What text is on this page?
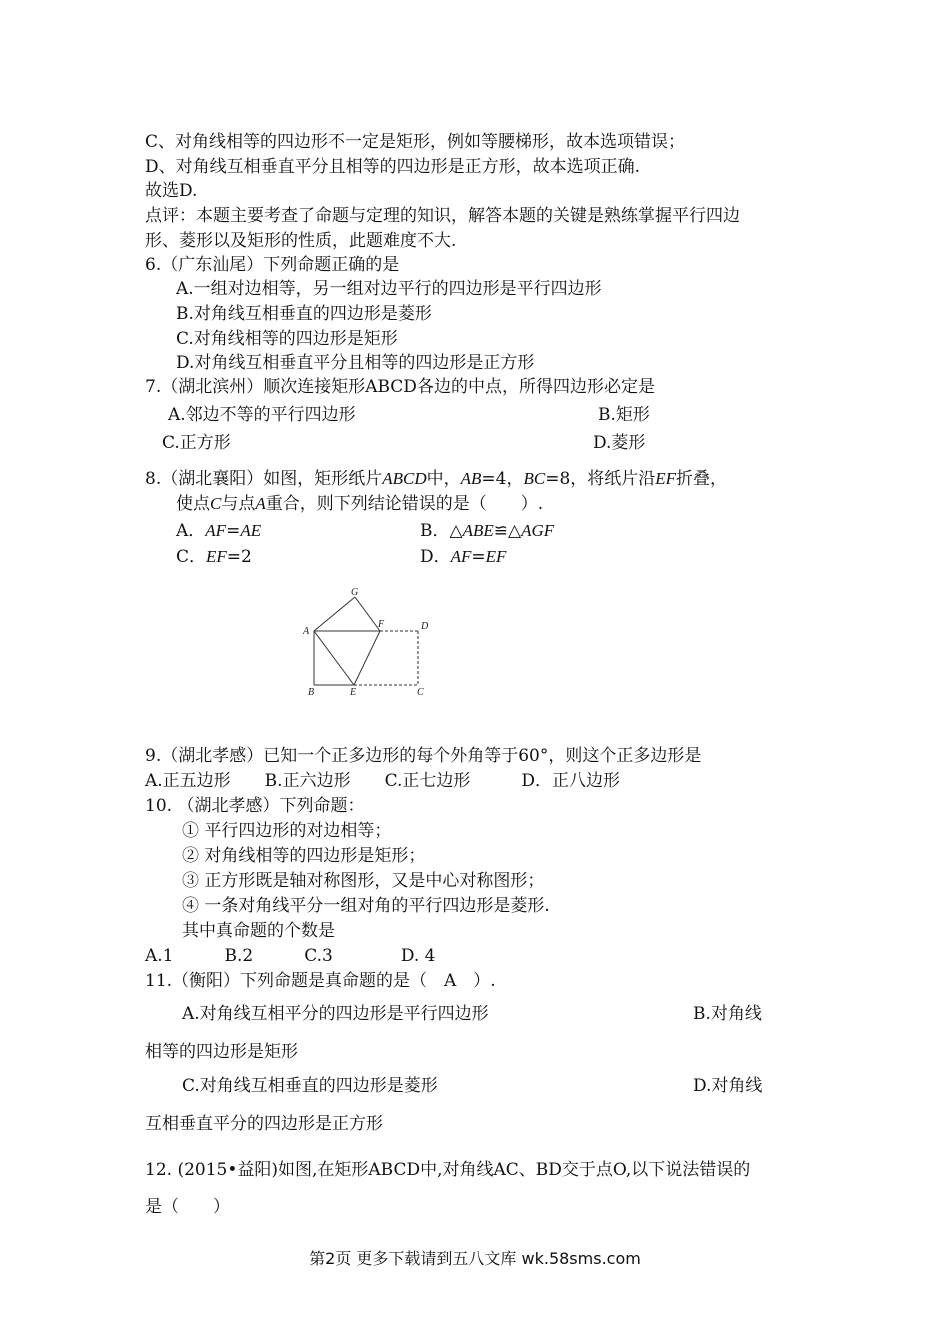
C、对角线相等的四边形不一定是矩形，例如等腰梯形，故本选项错误；
D、对角线互相垂直平分且相等的四边形是正方形，故本选项正确.
故选D.
点评：本题主要考查了命题与定理的知识，解答本题的关键是熟练掌握平行四边
形、菱形以及矩形的性质，此题难度不大.
6.（广东汕尾）下列命题正确的是
A.一组对边相等，另一组对边平行的四边形是平行四边形
B.对角线互相垂直的四边形是菱形
C.对角线相等的四边形是矩形
D.对角线互相垂直平分且相等的四边形是正方形
7.（湖北滨州）顺次连接矩形ABCD各边的中点，所得四边形必定是
A.邻边不等的平行四边形	B.矩形
C.正方形	D.菱形
8.（湖北襄阳）如图，矩形纸片ABCD中，AB=4，BC=8，将纸片沿EF折叠，
使点C与点A重合，则下列结论错误的是（　　）.
A．AF=AE	B．△ABE≌△AGF
C．EF=2	D．AF=EF
G
A
F	D
B	E	C
9.（湖北孝感）已知一个正多边形的每个外角等于60°，则这个正多边形是
A.正五边形　　B.正六边形　　C.正七边形　　　D．正八边形
10. （湖北孝感）下列命题：
① 平行四边形的对边相等；
② 对角线相等的四边形是矩形；
③ 正方形既是轴对称图形，又是中心对称图形；
④ 一条对角线平分一组对角的平行四边形是菱形.
其中真命题的个数是
A.1　　　B.2　　　C.3　　　　D. 4
11.（衡阳）下列命题是真命题的是（　A　）.
A.对角线互相平分的四边形是平行四边形	B.对角线
相等的四边形是矩形
C.对角线互相垂直的四边形是菱形	D.对角线
互相垂直平分的四边形是正方形
12. (2015•益阳)如图,在矩形ABCD中,对角线AC、BD交于点O,以下说法错误的
是（　　）
第2页 更多下载请到五八文库 wk.58sms.com
